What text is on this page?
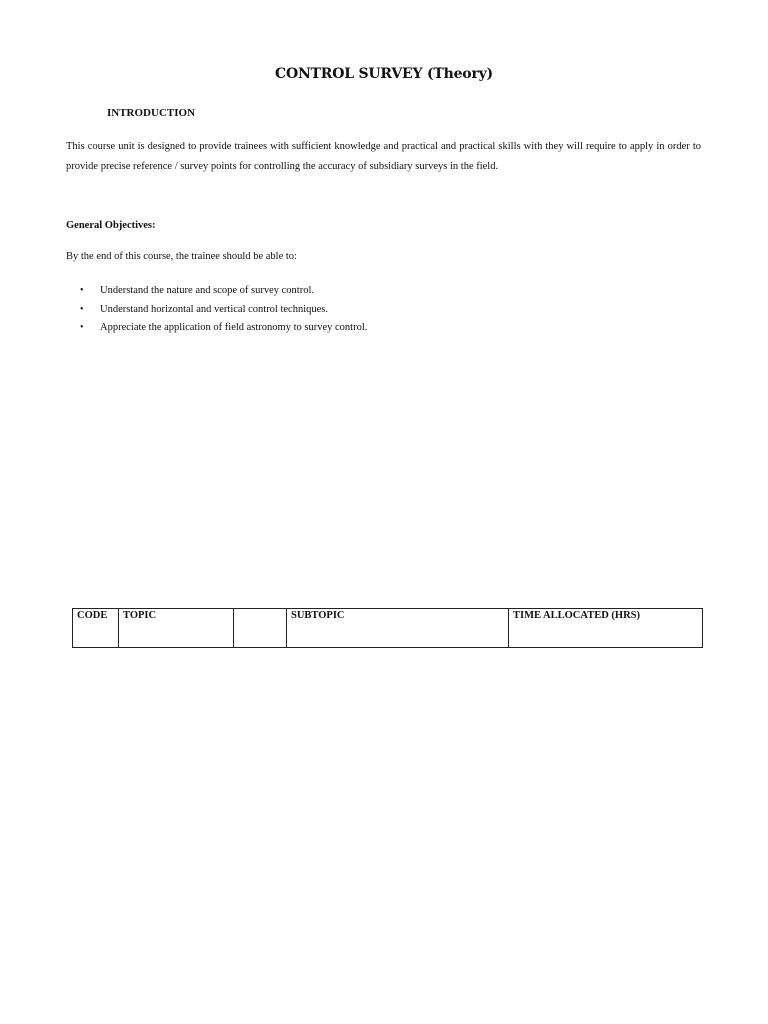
CONTROL SURVEY (Theory)
INTRODUCTION

This course unit is designed to provide trainees with sufficient knowledge and practical and practical skills with they will require to apply in order to provide precise reference / survey points for controlling the accuracy of subsidiary surveys in the field.

General Objectives:

By the end of this course, the trainee should be able to:

•	Understand the nature and scope of survey control.
•	Understand horizontal and vertical control techniques.
•	Appreciate the application of field astronomy to survey control.
CODE	TOPIC		SUBTOPIC	TIME ALLOCATED (HRS)
